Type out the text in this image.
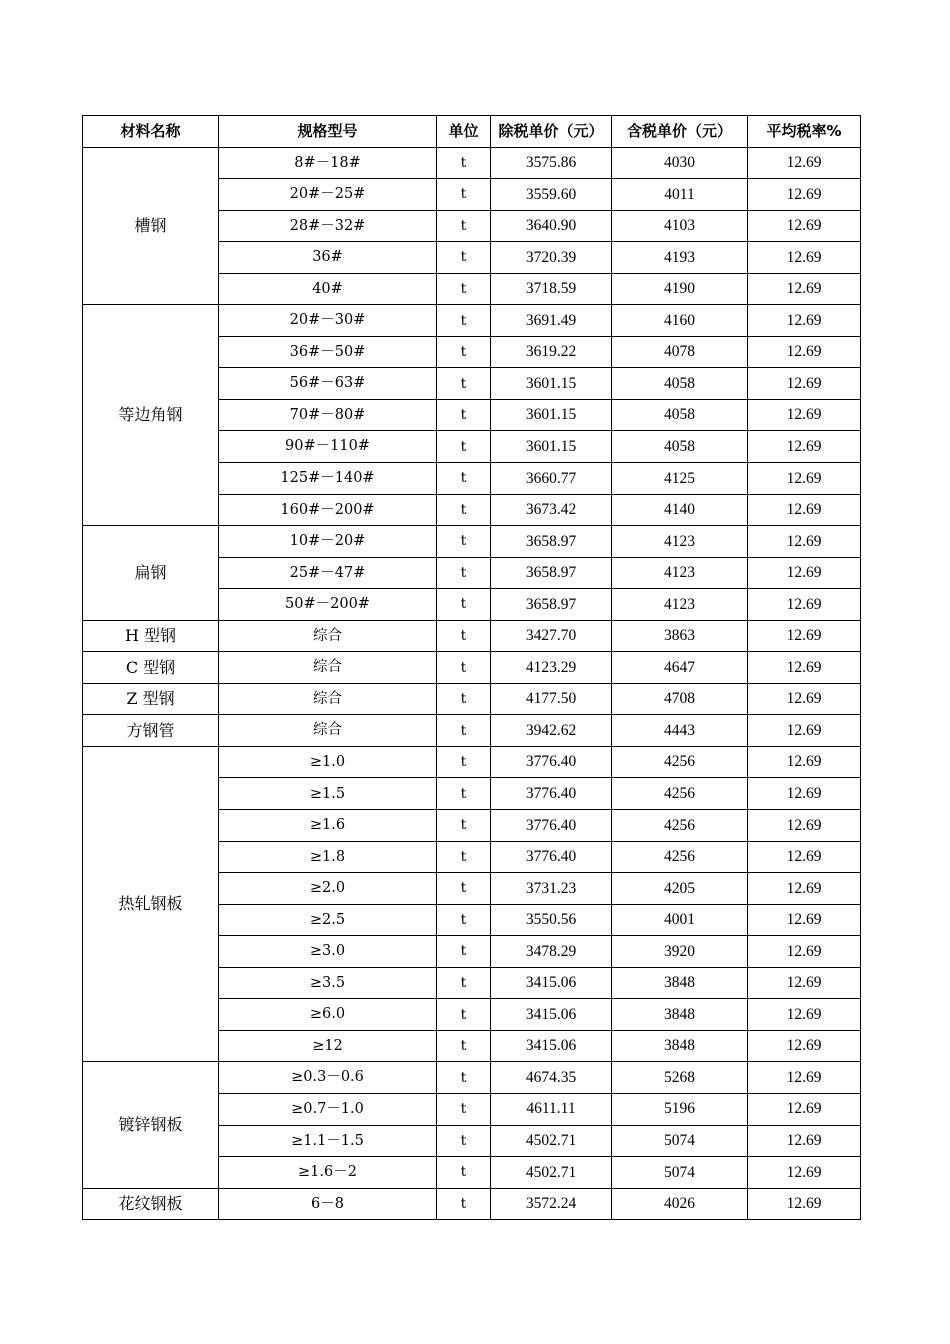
材料名称	规格型号	单位	除税单价（元）	含税单价（元）	平均税率%
槽钢	8#－18#	t	3575.86	4030	12.69
	20#－25#	t	3559.60	4011	12.69
	28#－32#	t	3640.90	4103	12.69
	36#	t	3720.39	4193	12.69
	40#	t	3718.59	4190	12.69
等边角钢	20#－30#	t	3691.49	4160	12.69
	36#－50#	t	3619.22	4078	12.69
	56#－63#	t	3601.15	4058	12.69
	70#－80#	t	3601.15	4058	12.69
	90#－110#	t	3601.15	4058	12.69
	125#－140#	t	3660.77	4125	12.69
	160#－200#	t	3673.42	4140	12.69
扁钢	10#－20#	t	3658.97	4123	12.69
	25#－47#	t	3658.97	4123	12.69
	50#－200#	t	3658.97	4123	12.69
H 型钢	综合	t	3427.70	3863	12.69
C 型钢	综合	t	4123.29	4647	12.69
Z 型钢	综合	t	4177.50	4708	12.69
方钢管	综合	t	3942.62	4443	12.69
热轧钢板	≥1.0	t	3776.40	4256	12.69
	≥1.5	t	3776.40	4256	12.69
	≥1.6	t	3776.40	4256	12.69
	≥1.8	t	3776.40	4256	12.69
	≥2.0	t	3731.23	4205	12.69
	≥2.5	t	3550.56	4001	12.69
	≥3.0	t	3478.29	3920	12.69
	≥3.5	t	3415.06	3848	12.69
	≥6.0	t	3415.06	3848	12.69
	≥12	t	3415.06	3848	12.69
镀锌钢板	≥0.3－0.6	t	4674.35	5268	12.69
	≥0.7－1.0	t	4611.11	5196	12.69
	≥1.1－1.5	t	4502.71	5074	12.69
	≥1.6－2	t	4502.71	5074	12.69
花纹钢板	6－8	t	3572.24	4026	12.69
